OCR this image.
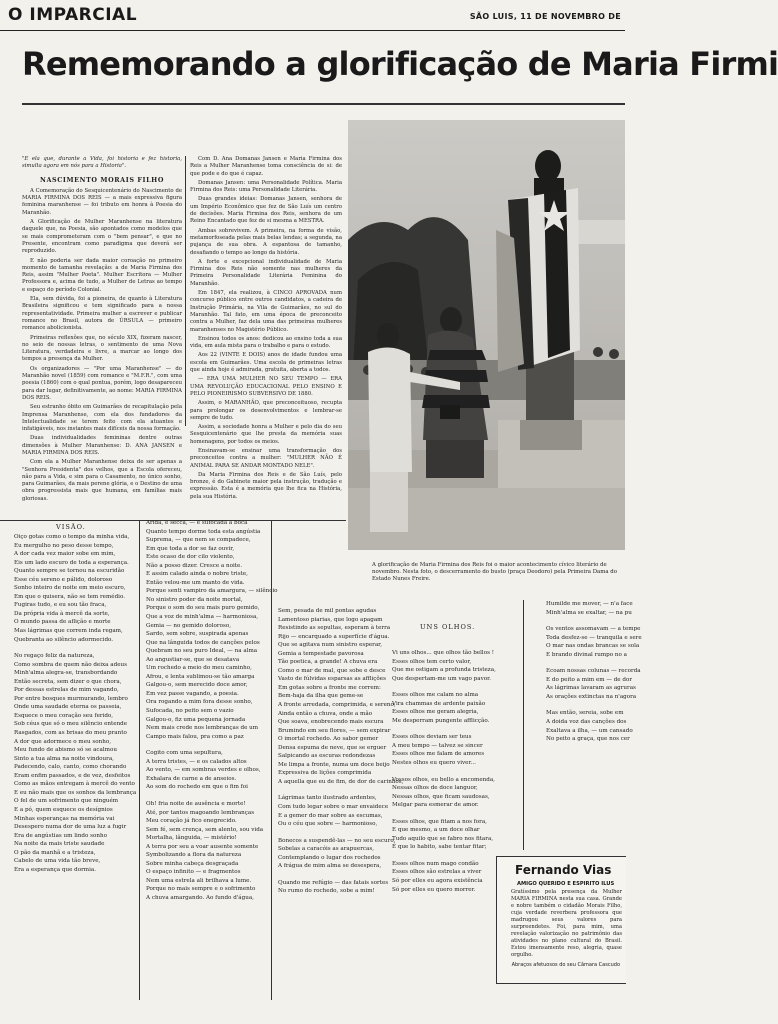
O IMPARCIAL	SÃO LUIS, 11 DE NOVEMBRO DE
Rememorando a glorificação de Maria Firmi
"E ela que, durante a Vida, foi historia e fez historia, simulta agora em nós para a Historia".
NASCIMENTO MORAIS FILHO

A Comemoração do Sesquicentenário do Nascimento de MARIA FIRMINA DOS REIS — a mais expressiva figura feminina maranhense — foi tributo em honra à Poesia do Maranhão.

A Glorificação de Mulher Maranhense na literatura daquele que, na Poesia, são apontados como modelos que se mais comprometeram com o "bem pensar", e que no Presente, encontram como paradigma que deverá ser reproduzido.

E não poderia ser dada maior coroação no primeiro momento de tamanha revelação: a de Maria Firmina dos Reis, assim "Mulher Poeta". Mulher Escritora — Mulher Professora e, acima de tudo, a Mulher de Letras ao tempo e espaço do período Colonial.

Ela, sem dúvida, foi a pioneira, de quanto à Literatura Brasileira significou e tem significado para a nossa representatividade. Primeira mulher a escrever e publicar romance no Brasil, autora de ÚRSULA — primeiro romance abolicionista.

Primeiras reflexões que, no século XIX, fizeram nascer, no seio de nossas letras, o sentimento de uma Nova Literatura, verdadeira e livre, a marcar ao longo dos tempos a presença da Mulher.

Os organizadores — "Por uma Maranhense" — do Maranhão novel (1859) com romance e "M.F.R.", com uma poesia (1860) com o qual pontua, porém, logo desapareceu para dar lugar, definitivamente, ao nome: MARIA FIRMINA DOS REIS.

Seu estranho óbito em Guimarães de recapitulação pela Imprensa Maranhense, com ela dos fundadores da Intelectualidade se terem feito com ela atuantes e infatigáveis, nos instantes mais difíceis da nossa formação.

Duas individualidades femininas dentre outras dimensões à Mulher Maranhense: D. ANA JANSEN e MARIA FIRMINA DOS REIS.

Com ela a Mulher Maranhense deixa de ser apenas a "Senhora Presidenta" dos velhos, que a Escola ofereceu, não para a Vida, e sim para o Casamento, no único sonho, para Guimarães, da mais perene glória, e o Destino de uma obra progressista mais que humana, em famílias mais gloriosas.

Com D. Ana Domanas Jansen e Maria Firmina dos Reis a Mulher Maranhense toma consciência de si: de que pode e do que é capaz.

Domanas Jansen: uma Personalidade Política. Maria Firmina dos Reis: uma Personalidade Literária.

Duas grandes ideias: Domanas Jansen, senhora de um Império Econômico que fez de São Luís um centro de decisões. Maria Firmina dos Reis, senhora de um Reino Encantado que fez de si mesma a MESTRA.

Ambas sobrevivem. A primeira, na forma de visão, metamorfoseada pelas mais belas lendas; a segunda, na pujança de sua obra. A espantosa de tamanho, desafiando o tempo ao longo da história.

A forte e excepcional individualidade de Maria Firmina dos Reis não somente nas mulheres da Primeira Personalidade Literária Feminina do Maranhão.

Em 1847, ela realizou, à CINCO APROVADA num concurso público entre outros candidatos, a cadeira de Instrução Primária, na Vila de Guimarães, no sul do Maranhão. Tal fato, em uma época de preconceito contra a Mulher, faz dela uma das primeiras mulheres maranhenses no Magistério Público.

Ensinou todos os anos: dedicou ao ensino toda a sua vida, em aula mista para o trabalho e para o estudo.

Aos 22 (VINTE E DOIS) anos de idade fundou uma escola em Guimarães. Uma escola de primeiras letras que ainda hoje é admirada, gratuita, aberta a todos.

— ERA UMA MULHER NO SEU TEMPO — ERA UMA REVOLUÇÃO EDUCACIONAL PELO ENSINO E PELO PIONEIRISMO SUBVERSIVO DE 1880.

Assim, o MARANHÃO, que preconceituoso, recupta para prolongar os desenvolvimentos e lembrar-se sempre de tudo.

Assim, a sociedade honra a Mulher e pelo dia do seu Sesquicentenário que lhe presta da memória suas homenagens, por todos os meios.

Ensinavam-se ensinar uma transformação dos preconceitos contra a mulher: "MULHER NÃO É ANIMAL PARA SE ANDAR MONTADO NELE".

Da Maria Firmina dos Reis e de São Luís, pelo bronze, é do Gabinete maior pela instrução, tradução e expressão. Esta é a memória que lhe fica na História, pela sua História.

A glorificação de Maria Firmina dos Reis foi o maior acontecimento cívico literário de novembro. Nesta foto, o descerramento do busto (praça Deodoro) pela Primeira Dama do Estado Nunes Freire.
VISÃO.
Oiço gotas como o tempo da minha vida,
Eu mergulho no peso desse tempo,
A dor cada vez maior sobe em mim,
Eis um lado escuro de toda a esperança.
Quanto sempre se tornou na escuridão
Esse céu sereno e pálido, doloroso
Sonho inteiro de noite em meio escuro,
Em que o quisera, não se tem remédio.
Fugiras tudo, e eu sou tão fraca,
Da própria vida à mercê da sorte,
O mundo passa de aflição e morte
Mas lágrimas que correm inda regam,
Quebranta ao silêncio adormecido.
No regaço feliz da natureza,
Como sombra de quem não deixa adeus
Minh'alma alegra-se, transbordando
Então secreta, sem dizer o que chora,
Por dessas estrelas de mim vagando,
Por entre bosques murmurando, lembro
Onde uma saudade eterna os passeia,
Esquece o meu coração seu ferido,
Sob céus que só o meu silêncio entende
Rasgados, com as brisas do meu pranto
A dor que adormece o meu sonho,
Meu fundo de abismo só se acalmou
Sinto a tua alma na noite vindoura,
Padecendo, calo, canto, como chorando
Eram enfim passados, e de vez, desfeitos
Como as mãos entregam à mercê do vento
E eu não mais que os sonhos da lembrança
O fel de um sofrimento que ninguém
E a pó, quem esquece os desígnios
Minhas esperanças na memória vai
Desespero numa dor de uma luz a fugir
Era de angústias um lindo sonho
Na noite da mais triste saudade
O pão da manhã e a tristeza,
Cabelo de uma vida tão breve,
Era a esperança que dormia.
Arida, e secca, — e sufocada a boca
Quanto tempo dorme toda esta angústia
Suprema, — que nem se compadece,
Em que toda a dor se faz ouvir,
Este ocaso de dor cilo violento,
Não a posso dizer. Cresce a noite.
E assim calado ainda o nobre triste,
Então velou-me um manto de vida.
Porque senti vampiro da amargura, — silêncio
No sinistro poder da noite mortal,
Porque o som do seu mais puro gemido,
Que a voz de minh'alma — harmoniosa,
Gemia — no gemido doloroso,
Sardo, sem sobre, suspirada apenas
Que na lânguida todos de canções pelos
Quebram no seu puro Ideal, — na alma
Ao angustiar-se, que se desatava
Um rochedo a meio do meu caminho,
Afrou, e lenta sublimou-se tão amarga
Galgou-o, sem merecido doce amor,
Em vez passe vagando, a poesia.
Ora rogando a mim fora desse sonho,
Sufocada, no peito sem o vazio
Galgou-o, fiz uma pequena jornada
Nem mais crede nos lembranças de um
Campo mais falou, pra como a paz
Cogito com uma sepultura,
A terra tristes, — e os calados altos
Ao vento, — em sombras verdes e olhos,
Exhalara de carne a de anseios.
Ao som do rochedo em que o fim foi
Oh! fria noite de ausência e morte!
Até, por tantos magoando lembranças
Meu coração já fico enegrecido.
Sem fé, sem crença, sem alento, sou vida
Mortalha, lânguida, — mistério!
A terra por seu a voar ausente somente
Symbolizando a flora da natureza
Sobre minha cabeça desgraçada
O espaço infinito — e fragmentos
Nem uma estrela ali brilhava a lume.
Porque no mais sempre e o sofrimento
A chuva amargando. Ao fundo d'água,
Sem, pesada de mil pontas agudas
Lamentoso piarias, que logo apagam
Resistindo as sepultas, esperam à terra
Rijo — encarquado a superfície d'água.
Que se agitava num sinistro esperar,
Gemia a tempestade pavorosa
Tão poetica, a grande! A chuva era
Como o mar de mal, que sobe e desce
Vasto de fúlvidas esparsas as afflições
Em gotas sobre a fronte me correm:
Bem-haja da ilha que geme-se
A fronte arredada, comprimida, e sereno,
Ainda então a chuva, onde a mão
Que soava, enobrecendo mais escura
Brumindo em seu flores, — sem expirar
O imortal rochedo. Ao sabor gemer
Densa espuma de neve, que se erguer
Salpicando as escuras redondezas
Me limpa a fronte, numa um doce beijo
Expressiva de lições comprimida
A aquella que eu de fim, de dor de carinhos,
Lágrimas tanto ilustrado ardentes,
Com tudo legar sobre o mar envaidece
E a gemer do mar sobre as escumas,
Ou o céu que sobre — harmonioso,
Bonecos a suspendê-las — no seu escuro,
Sobelas a caracóis as arapuercas,
Contemplando o lugar dos rochedos
A frágua de mim alma se desespera,
Quando me refúgio — das fatais sortes
No rumo do rochedo, sobe a mim!
UNS OLHOS.
Vi uns olhos... que olhos tão bellos !
Esses olhos tem certo valor,
Que me ostigam a profunda tristeza,
Que despertam-me um vago pavor.
Esses olhos me calam no alma
Vira chammas de ardente paixão
Esses olhos me geram alegria,
Me desperram pungente afflicção.
Esses olhos deviam ser teus
A meu tempo — talvez se sincer
Esses olhos me falam de amores
Nestes olhos eu quero viver...
Vossos olhos, eu bello a encomenda,
Nessas olhos de doce languor,
Nessas olhos, que ficam saudosas,
Melgar para esmerar de amor.
Esses olhos, que fitam a nos fora,
E que mesmo, a um doce olhar
Tudo aquilo que se fabro nos fitara,
É que lo habito, sabe tentar fitar;
Esses olhos num mago condão
Esses olhos são estrelas a viver
Só por elles eu agora existência
Só por elles eu quero morrer.
Humilde me mover, — n'a face
Minh'alma se exaltar, — na pu
Os ventos assomavam — a tempe
Toda desfez-se — tranquila e sere
O mar nas ondas brancas se sola
E brando divinal rumpo no a
Ecoam nossas colunas — recorda
E do peito a mim em — de dor
As lágrimas lavaram as agruras
As orações extinctas na n'agora
Mas então, sereia, sobe em
A doida voz das canções dos
Exaltava a ilha, — um cansado
No peito a graça, que nos cer
Fernando Vias
AMIGO QUERIDO E ESPIRITO ILUS
Gratíssimo pela presença da Mulher MARIA FIRMINA nesta sua casa. Grande e nobre também o cidadão Morais Filho, cuja verdade reverbera professora que madrugou seus valores para surpreendetes. Foi, para mim, uma revelação valorização no patrimônio das atividades no plano cultural do Brasil. Estou imensamente reso, alegria, quase orgulho.
Abraços afetuosos do seu Câmara Cascudo
